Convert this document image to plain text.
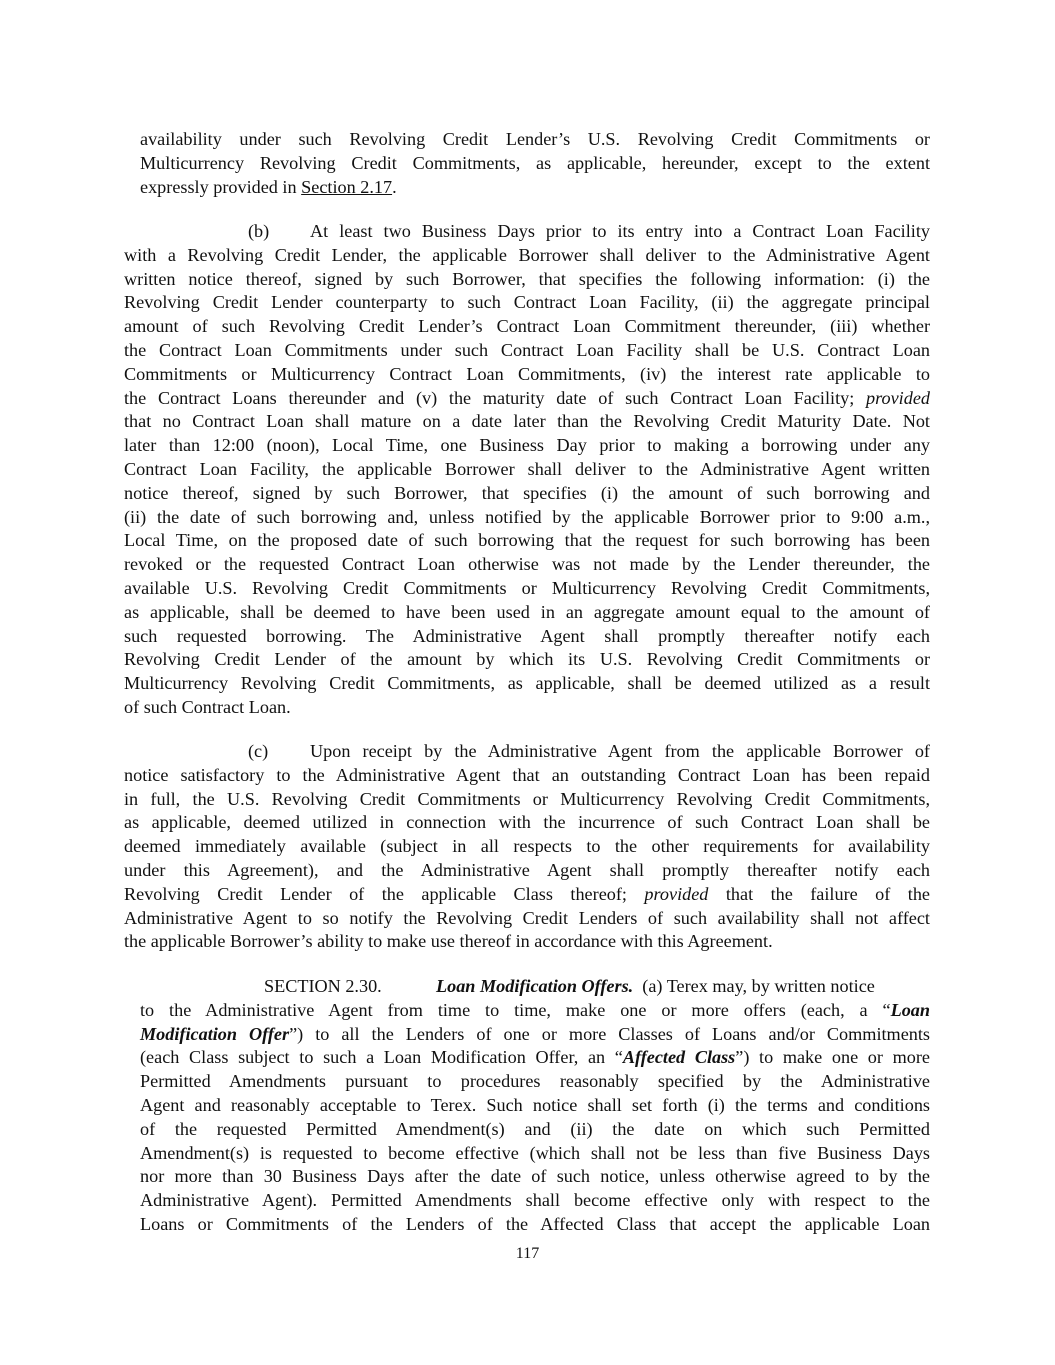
availability under such Revolving Credit Lender’s U.S. Revolving Credit Commitments or
Multicurrency Revolving Credit Commitments, as applicable, hereunder, except to the extent
expressly provided in Section 2.17.
(b) At least two Business Days prior to its entry into a Contract Loan Facility
with a Revolving Credit Lender, the applicable Borrower shall deliver to the Administrative Agent
written notice thereof, signed by such Borrower, that specifies the following information: (i) the
Revolving Credit Lender counterparty to such Contract Loan Facility, (ii) the aggregate principal
amount of such Revolving Credit Lender’s Contract Loan Commitment thereunder, (iii) whether
the Contract Loan Commitments under such Contract Loan Facility shall be U.S. Contract Loan
Commitments or Multicurrency Contract Loan Commitments, (iv) the interest rate applicable to
the Contract Loans thereunder and (v) the maturity date of such Contract Loan Facility; provided
that no Contract Loan shall mature on a date later than the Revolving Credit Maturity Date. Not
later than 12:00 (noon), Local Time, one Business Day prior to making a borrowing under any
Contract Loan Facility, the applicable Borrower shall deliver to the Administrative Agent written
notice thereof, signed by such Borrower, that specifies (i) the amount of such borrowing and
(ii) the date of such borrowing and, unless notified by the applicable Borrower prior to 9:00 a.m.,
Local Time, on the proposed date of such borrowing that the request for such borrowing has been
revoked or the requested Contract Loan otherwise was not made by the Lender thereunder, the
available U.S. Revolving Credit Commitments or Multicurrency Revolving Credit Commitments,
as applicable, shall be deemed to have been used in an aggregate amount equal to the amount of
such requested borrowing. The Administrative Agent shall promptly thereafter notify each
Revolving Credit Lender of the amount by which its U.S. Revolving Credit Commitments or
Multicurrency Revolving Credit Commitments, as applicable, shall be deemed utilized as a result
of such Contract Loan.
(c) Upon receipt by the Administrative Agent from the applicable Borrower of
notice satisfactory to the Administrative Agent that an outstanding Contract Loan has been repaid
in full, the U.S. Revolving Credit Commitments or Multicurrency Revolving Credit Commitments,
as applicable, deemed utilized in connection with the incurrence of such Contract Loan shall be
deemed immediately available (subject in all respects to the other requirements for availability
under this Agreement), and the Administrative Agent shall promptly thereafter notify each
Revolving Credit Lender of the applicable Class thereof; provided that the failure of the
Administrative Agent to so notify the Revolving Credit Lenders of such availability shall not affect
the applicable Borrower’s ability to make use thereof in accordance with this Agreement.
SECTION 2.30.	Loan Modification Offers. (a) Terex may, by written notice
to the Administrative Agent from time to time, make one or more offers (each, a “Loan
Modification Offer”) to all the Lenders of one or more Classes of Loans and/or Commitments
(each Class subject to such a Loan Modification Offer, an “Affected Class”) to make one or more
Permitted Amendments pursuant to procedures reasonably specified by the Administrative
Agent and reasonably acceptable to Terex. Such notice shall set forth (i) the terms and conditions
of the requested Permitted Amendment(s) and (ii) the date on which such Permitted
Amendment(s) is requested to become effective (which shall not be less than five Business Days
nor more than 30 Business Days after the date of such notice, unless otherwise agreed to by the
Administrative Agent). Permitted Amendments shall become effective only with respect to the
Loans or Commitments of the Lenders of the Affected Class that accept the applicable Loan
117
